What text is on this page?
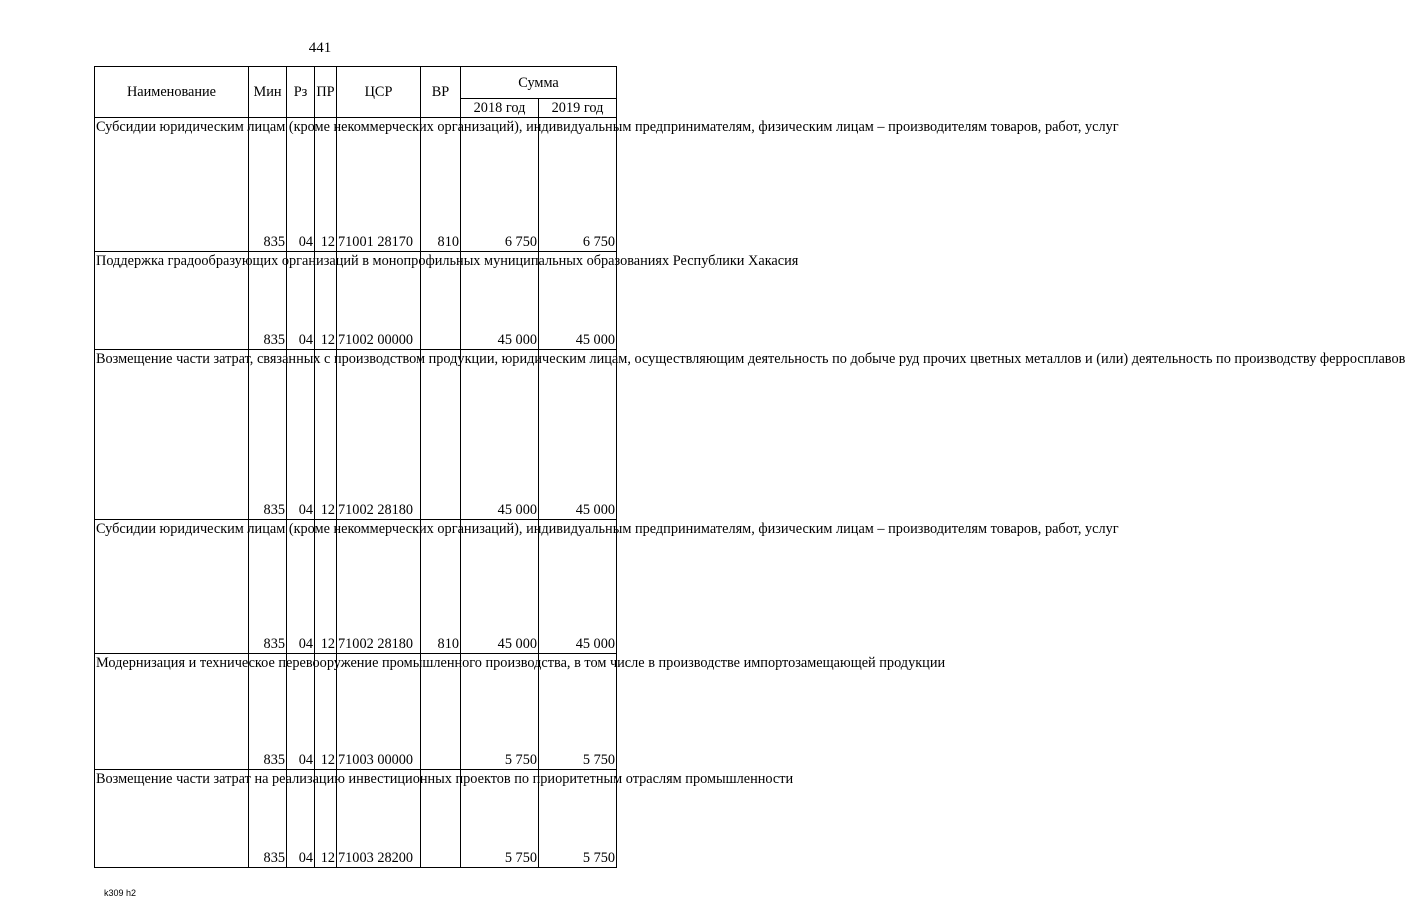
441
Наименование	Мин	Рз	ПР	ЦСР	ВР	Сумма	
						2018 год	2019 год
Субсидии юридическим лицам (кроме некоммерческих организаций), индивидуальным предпринимателям, физическим лицам – производителям товаров, работ, услуг	835	04	12	71001 28170	810	6 750	6 750
Поддержка градообразующих организаций в монопрофильных муниципальных образованиях Республики Хакасия	835	04	12	71002 00000		45 000	45 000
Возмещение части затрат, связанных с производством продукции, юридическим лицам, осуществляющим деятельность по добыче руд прочих цветных металлов и (или) деятельность по производству ферросплавов	835	04	12	71002 28180		45 000	45 000
Субсидии юридическим лицам (кроме некоммерческих организаций), индивидуальным предпринимателям, физическим лицам – производителям товаров, работ, услуг	835	04	12	71002 28180	810	45 000	45 000
Модернизация и техническое перевооружение промышленного производства, в том числе в производстве импортозамещающей продукции	835	04	12	71003 00000		5 750	5 750
Возмещение части затрат на реализацию инвестиционных проектов по приоритетным отраслям промышленности	835	04	12	71003 28200		5 750	5 750
k309 h2
